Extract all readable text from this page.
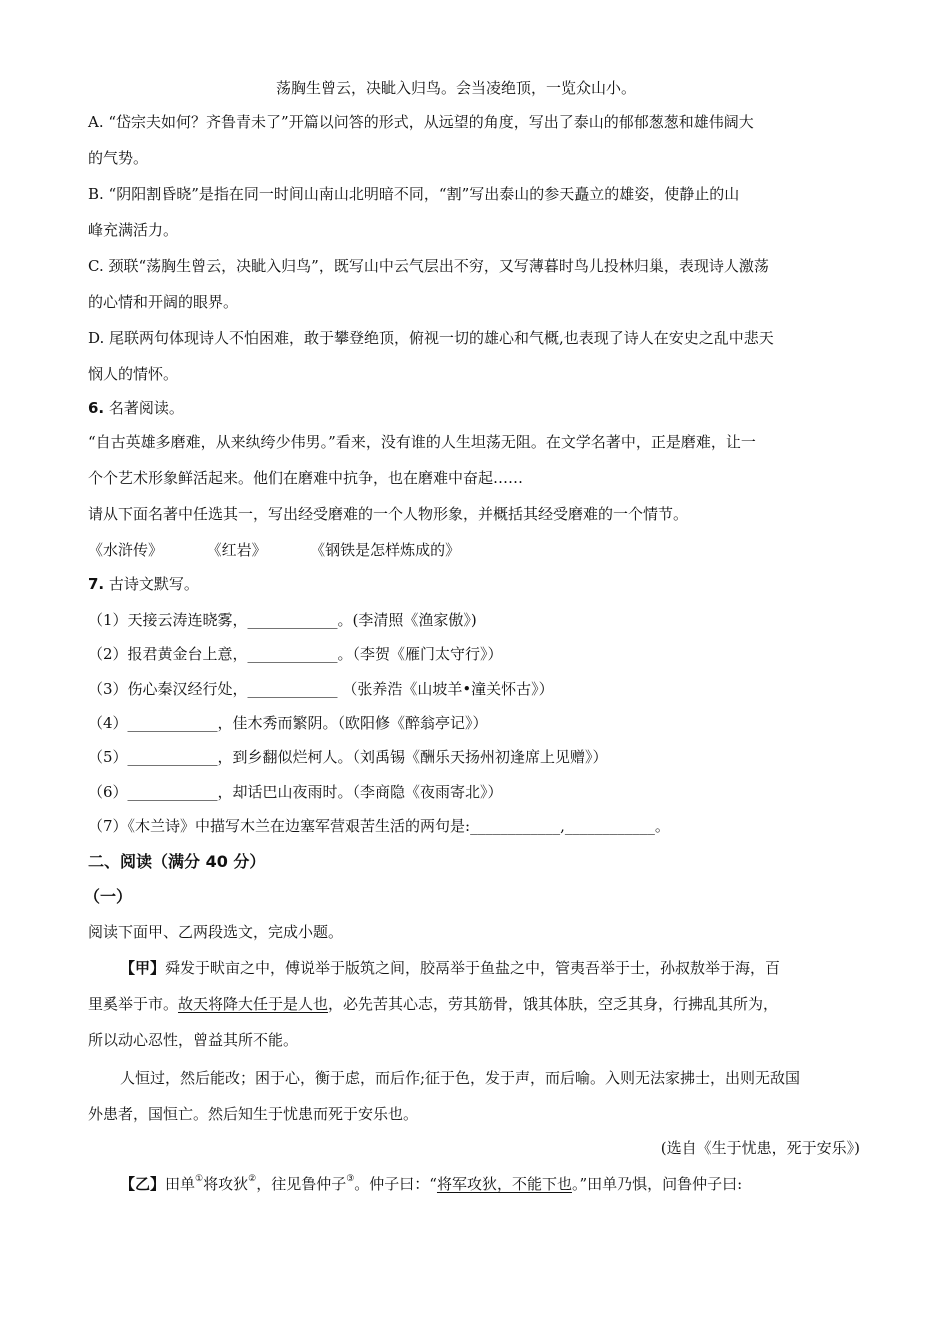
荡胸生曾云，决眦入归鸟。会当凌绝顶，一览众山小。
A. “岱宗夫如何？齐鲁青未了”开篇以问答的形式，从远望的角度，写出了泰山的郁郁葱葱和雄伟阔大
的气势。
B. “阴阳割昏晓”是指在同一时间山南山北明暗不同，“割”写出泰山的参天矗立的雄姿，使静止的山
峰充满活力。
C. 颈联“荡胸生曾云，决眦入归鸟”，既写山中云气层出不穷，又写薄暮时鸟儿投林归巢，表现诗人激荡
的心情和开阔的眼界。
D. 尾联两句体现诗人不怕困难，敢于攀登绝顶，俯视一切的雄心和气概,也表现了诗人在安史之乱中悲天
悯人的情怀。
6. 名著阅读。
“自古英雄多磨难，从来纨绔少伟男。”看来，没有谁的人生坦荡无阻。在文学名著中，正是磨难，让一
个个艺术形象鲜活起来。他们在磨难中抗争，也在磨难中奋起……
请从下面名著中任选其一，写出经受磨难的一个人物形象，并概括其经受磨难的一个情节。
《水浒传》	《红岩》	《钢铁是怎样炼成的》
7. 古诗文默写。
（1）天接云涛连晓雾，____________。(李清照《渔家傲》)
（2）报君黄金台上意，____________。（李贺《雁门太守行》）
（3）伤心秦汉经行处，____________ （张养浩《山坡羊•潼关怀古》）
（4）____________，佳木秀而繁阴。（欧阳修《醉翁亭记》）
（5）____________，到乡翻似烂柯人。（刘禹锡《酬乐天扬州初逢席上见赠》）
（6）____________，却话巴山夜雨时。（李商隐《夜雨寄北》）
（7）《木兰诗》中描写木兰在边塞军营艰苦生活的两句是:____________,____________。
二、阅读（满分 40 分）
（一）
阅读下面甲、乙两段选文，完成小题。
【甲】舜发于畎亩之中，傅说举于版筑之间，胶鬲举于鱼盐之中，管夷吾举于士，孙叔敖举于海，百
里奚举于市。故天将降大任于是人也，必先苦其心志，劳其筋骨，饿其体肤，空乏其身，行拂乱其所为，
所以动心忍性，曾益其所不能。
人恒过，然后能改；困于心，衡于虑，而后作;征于色，发于声，而后喻。入则无法家拂士，出则无敌国
外患者，国恒亡。然后知生于忧患而死于安乐也。
(选自《生于忧患，死于安乐》)
【乙】田单①将攻狄②，往见鲁仲子③。仲子曰：“将军攻狄，不能下也。”田单乃惧，问鲁仲子曰:
